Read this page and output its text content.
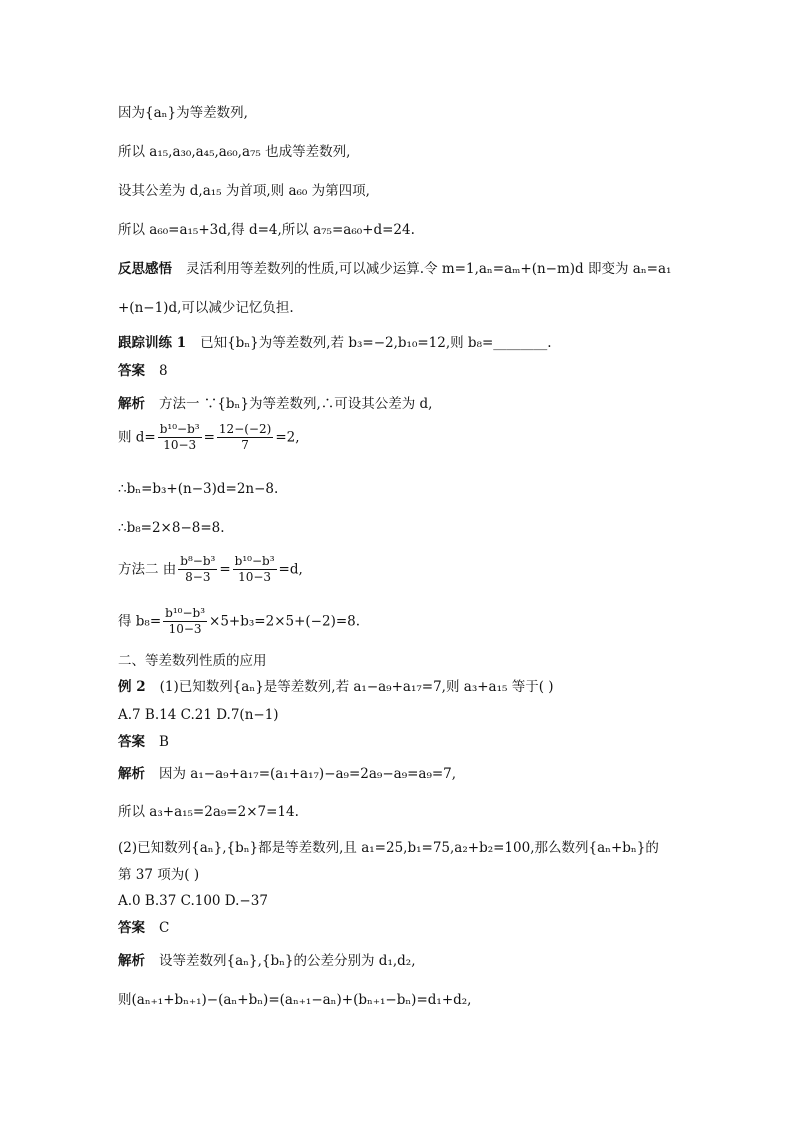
因为{aₙ}为等差数列,
所以 a₁₅,a₃₀,a₄₅,a₆₀,a₇₅ 也成等差数列,
设其公差为 d,a₁₅ 为首项,则 a₆₀ 为第四项,
所以 a₆₀=a₁₅+3d,得 d=4,所以 a₇₅=a₆₀+d=24.
反思感悟 灵活利用等差数列的性质,可以减少运算.令 m=1,aₙ=aₘ+(n−m)d 即变为 aₙ=a₁
+(n−1)d,可以减少记忆负担.
跟踪训练 1 已知{bₙ}为等差数列,若 b₃=−2,b₁₀=12,则 b₈=________.
答案 8
解析 方法一 ∵{bₙ}为等差数列,∴可设其公差为 d,
则 $d= \frac{\text{b¹⁰−b³}}{10-3} = \frac{12-(-2)}{7} =2$,
∴bₙ=b₃+(n−3)d=2n−8.
∴b₈=2×8−8=8.
方法二 由 $\frac{\text{b⁸−b³}}{8-3} = \frac{\text{b¹⁰−b³}}{10-3} =d$,
得 $b_8= \frac{\text{b¹⁰−b³}}{10-3} \times 5+b_3=2\times 5+(-2)=8$.
二、等差数列性质的应用
例 2 (1)已知数列{aₙ}是等差数列,若 a₁−a₉+a₁₇=7,则 a₃+a₁₅ 等于( )
A.7 B.14 C.21 D.7(n−1)
答案 B
解析 因为 a₁−a₉+a₁₇=(a₁+a₁₇)−a₉=2a₉−a₉=a₉=7,
所以 a₃+a₁₅=2a₉=2×7=14.
(2)已知数列{aₙ},{bₙ}都是等差数列,且 a₁=25,b₁=75,a₂+b₂=100,那么数列{aₙ+bₙ}的
第 37 项为( )
A.0 B.37 C.100 D.−37
答案 C
解析 设等差数列{aₙ},{bₙ}的公差分别为 d₁,d₂,
则(aₙ₊₁+bₙ₊₁)−(aₙ+bₙ)=(aₙ₊₁−aₙ)+(bₙ₊₁−bₙ)=d₁+d₂,
